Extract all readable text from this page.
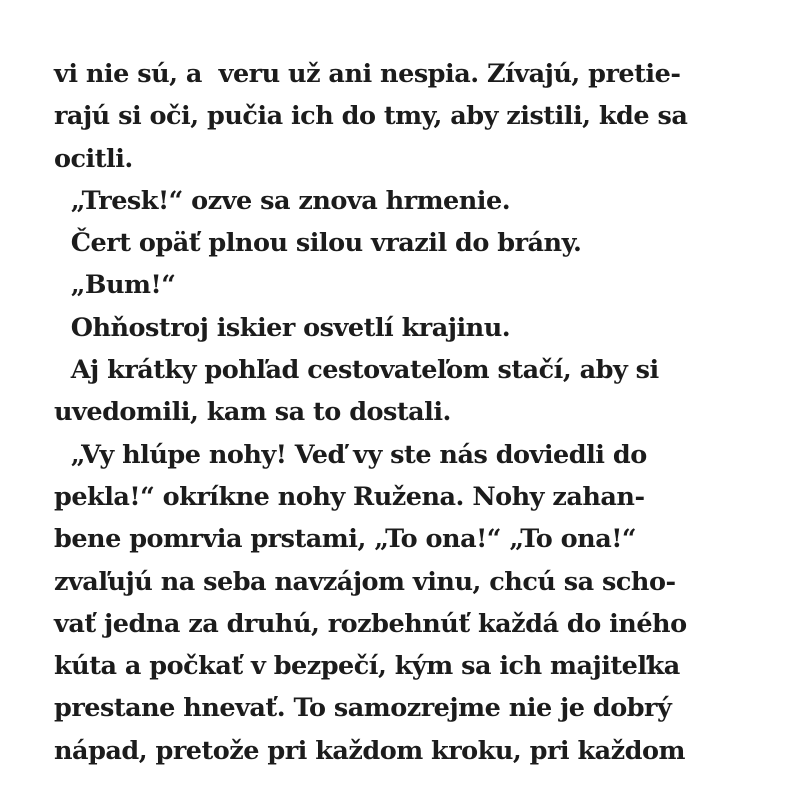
vi nie sú, a  veru už ani nespia. Zívajú, pretie-
rajú si oči, pučia ich do tmy, aby zistili, kde sa
ocitli.
„Tresk!“ ozve sa znova hrmenie.
Čert opäť plnou silou vrazil do brány.
„Bum!“
Ohňostroj iskier osvetlí krajinu.
Aj krátky pohľad cestovateľom stačí, aby si
uvedomili, kam sa to dostali.
„Vy hlúpe nohy! Veď vy ste nás doviedli do
pekla!“ okríkne nohy Ružena. Nohy zahan-
bene pomrvia prstami, „To ona!“ „To ona!“
zvaľujú na seba navzájom vinu, chcú sa scho-
vať jedna za druhú, rozbehnúť každá do iného
kúta a počkať v bezpečí, kým sa ich majiteľka
prestane hnevať. To samozrejme nie je dobrý
nápad, pretože pri každom kroku, pri každom
